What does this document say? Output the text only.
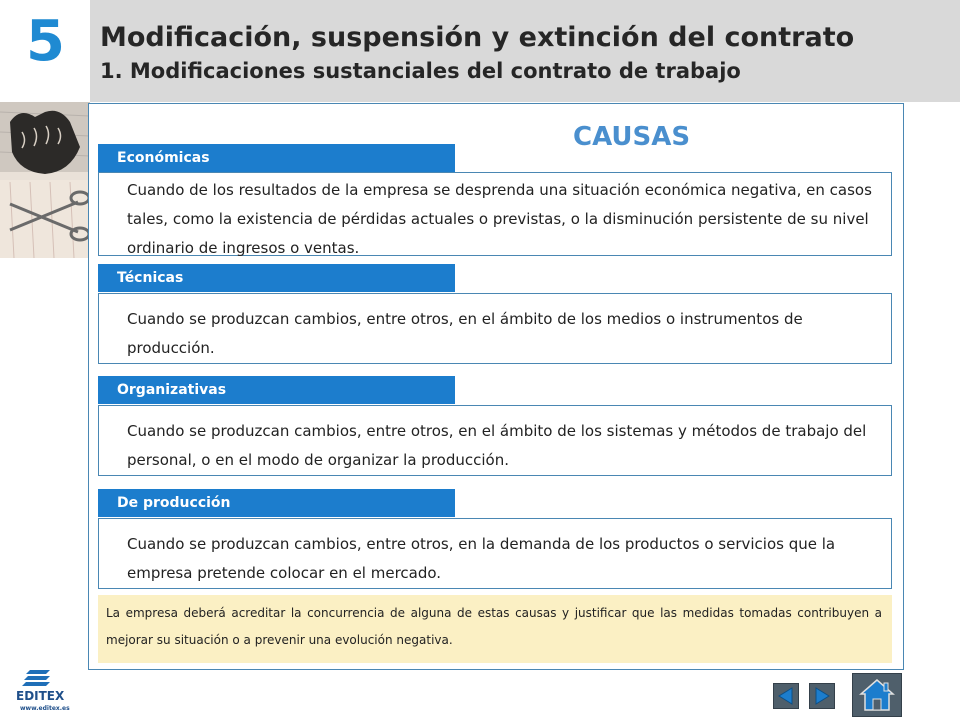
5 Modificación, suspensión y extinción del contrato
1. Modificaciones sustanciales del contrato de trabajo
CAUSAS
Económicas
Cuando de los resultados de la empresa se desprenda una situación económica negativa, en casos tales, como la existencia de pérdidas actuales o previstas, o la disminución persistente de su nivel ordinario de ingresos o ventas.
Técnicas
Cuando se produzcan cambios, entre otros, en el ámbito de los medios o instrumentos de producción.
Organizativas
Cuando se produzcan cambios, entre otros, en el ámbito de los sistemas y métodos de trabajo del personal, o en el modo de organizar la producción.
De producción
Cuando se produzcan cambios, entre otros, en la demanda de los productos o servicios que la empresa pretende colocar en el mercado.
La empresa deberá acreditar la concurrencia de alguna de estas causas y justificar que las medidas tomadas contribuyen a mejorar su situación o a prevenir una evolución negativa.
EDITEX
www.editex.es
